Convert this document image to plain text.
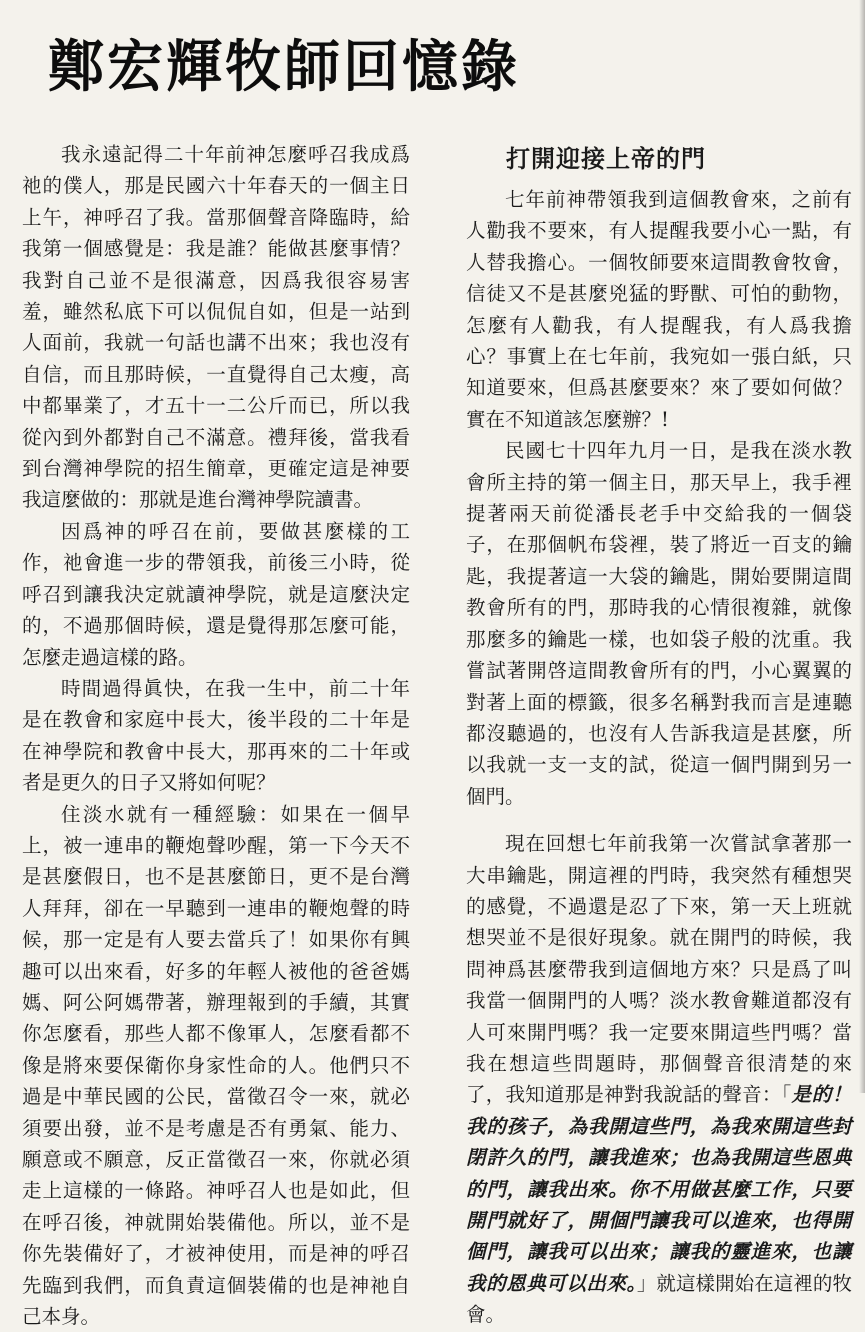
鄭宏輝牧師回憶錄

我永遠記得二十年前神怎麼呼召我成爲祂的僕人，那是民國六十年春天的一個主日上午，神呼召了我。當那個聲音降臨時，給我第一個感覺是：我是誰？能做甚麼事情？我對自己並不是很滿意，因爲我很容易害羞，雖然私底下可以侃侃自如，但是一站到人面前，我就一句話也講不出來；我也沒有自信，而且那時候，一直覺得自己太瘦，高中都畢業了，才五十一二公斤而已，所以我從內到外都對自己不滿意。禮拜後，當我看到台灣神學院的招生簡章，更確定這是神要我這麼做的：那就是進台灣神學院讀書。

因爲神的呼召在前，要做甚麼樣的工作，祂會進一步的帶領我，前後三小時，從呼召到讓我決定就讀神學院，就是這麼決定的，不過那個時候，還是覺得那怎麼可能，怎麼走過這樣的路。

時間過得眞快，在我一生中，前二十年是在教會和家庭中長大，後半段的二十年是在神學院和教會中長大，那再來的二十年或者是更久的日子又將如何呢？

住淡水就有一種經驗：如果在一個早上，被一連串的鞭炮聲吵醒，第一下今天不是甚麼假日，也不是甚麼節日，更不是台灣人拜拜，卻在一早聽到一連串的鞭炮聲的時候，那一定是有人要去當兵了！如果你有興趣可以出來看，好多的年輕人被他的爸爸媽媽、阿公阿媽帶著，辦理報到的手續，其實你怎麼看，那些人都不像軍人，怎麼看都不像是將來要保衛你身家性命的人。他們只不過是中華民國的公民，當徵召令一來，就必須要出發，並不是考慮是否有勇氣、能力、願意或不願意，反正當徵召一來，你就必須走上這樣的一條路。神呼召人也是如此，但在呼召後，神就開始裝備他。所以，並不是你先裝備好了，才被神使用，而是神的呼召先臨到我們，而負責這個裝備的也是神祂自己本身。

打開迎接上帝的門

七年前神帶領我到這個教會來，之前有人勸我不要來，有人提醒我要小心一點，有人替我擔心。一個牧師要來這間教會牧會，信徒又不是甚麼兇猛的野獸、可怕的動物，怎麼有人勸我，有人提醒我，有人爲我擔心？事實上在七年前，我宛如一張白紙，只知道要來，但爲甚麼要來？來了要如何做？實在不知道該怎麼辦？!

民國七十四年九月一日，是我在淡水教會所主持的第一個主日，那天早上，我手裡提著兩天前從潘長老手中交給我的一個袋子，在那個帆布袋裡，裝了將近一百支的鑰匙，我提著這一大袋的鑰匙，開始要開這間教會所有的門，那時我的心情很複雜，就像那麼多的鑰匙一樣，也如袋子般的沈重。我嘗試著開啓這間教會所有的門，小心翼翼的對著上面的標籤，很多名稱對我而言是連聽都沒聽過的，也沒有人告訴我這是甚麼，所以我就一支一支的試，從這一個門開到另一個門。

現在回想七年前我第一次嘗試拿著那一大串鑰匙，開這裡的門時，我突然有種想哭的感覺，不過還是忍了下來，第一天上班就想哭並不是很好現象。就在開門的時候，我問神爲甚麼帶我到這個地方來？只是爲了叫我當一個開門的人嗎？淡水教會難道都沒有人可來開門嗎？我一定要來開這些門嗎？當我在想這些問題時，那個聲音很清楚的來了，我知道那是神對我說話的聲音：「是的！我的孩子，為我開這些門，為我來開這些封閉許久的門，讓我進來；也為我開這些恩典的門，讓我出來。你不用做甚麼工作，只要開門就好了，開個門讓我可以進來，也得開個門，讓我可以出來；讓我的靈進來，也讓我的恩典可以出來。」就這樣開始在這裡的牧會。
